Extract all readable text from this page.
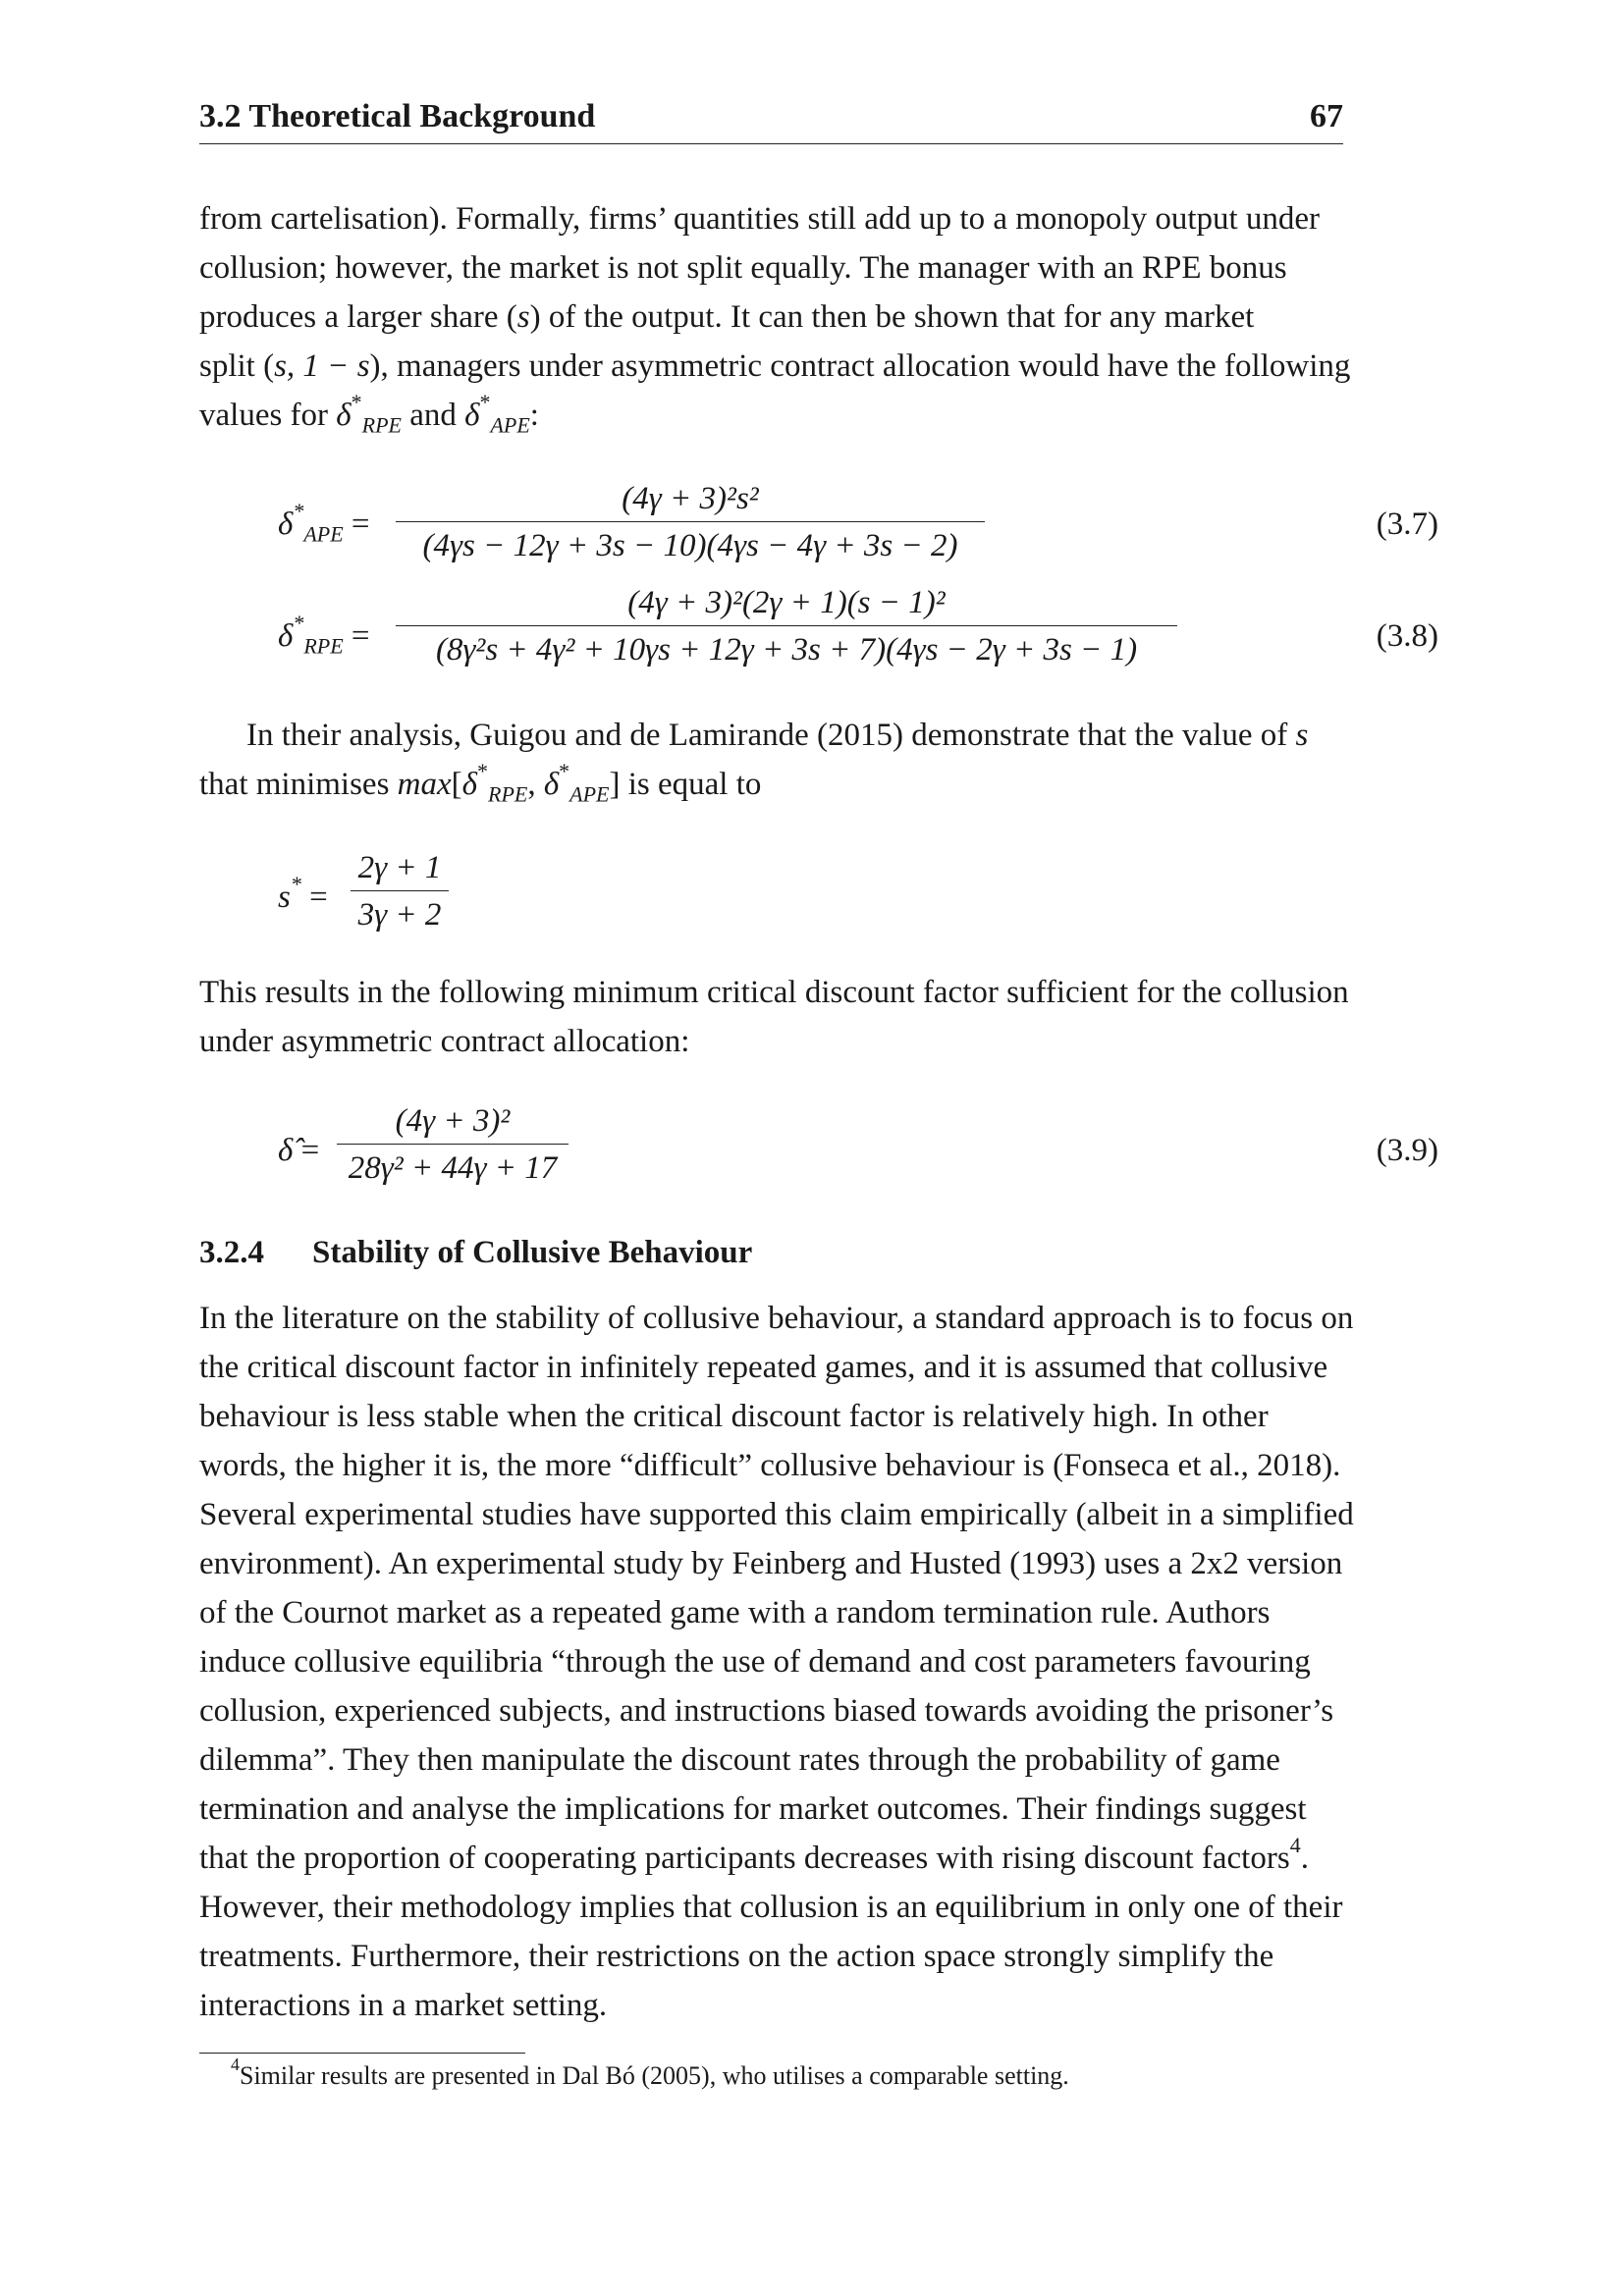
3.2 Theoretical Background	67

from cartelisation). Formally, firms’ quantities still add up to a monopoly output under

collusion; however, the market is not split equally. The manager with an RPE bonus

produces a larger share (s) of the output. It can then be shown that for any market

split (s, 1 − s), managers under asymmetric contract allocation would have the following

values for $\delta^*_{RPE}$ and $\delta^*_{APE}$:

$\delta^*_{APE} = \frac{\text{(4γ + 3)²s²}}{(4\gamma s - 12\gamma + 3s - 10)(4\gamma s - 4\gamma + 3s - 2)}$	(3.7)
$\delta^*_{RPE} = \frac{\text{(4γ + 3)²(2γ + 1)(s − 1)²}}{\text{(8γ²s + 4γ² + 10γs + 12γ + 3s + 7)(4γs − 2γ + 3s − 1)}}$	(3.8)

In their analysis, Guigou and de Lamirande (2015) demonstrate that the value of s

that minimises $\max[\delta^*_{RPE}$, $\delta^*_{APE}$] is equal to

$s^* = \frac{2\gamma + 1}{3\gamma + 2}$

This results in the following minimum critical discount factor sufficient for the collusion

under asymmetric contract allocation:

δ̂ = $\frac{\text{(4γ + 3)²}}{\text{28γ² + 44γ + 17}}$	(3.9)
3.2.4 Stability of Collusive Behaviour

In the literature on the stability of collusive behaviour, a standard approach is to focus on

the critical discount factor in infinitely repeated games, and it is assumed that collusive

behaviour is less stable when the critical discount factor is relatively high. In other

words, the higher it is, the more “difficult” collusive behaviour is (Fonseca et al., 2018).

Several experimental studies have supported this claim empirically (albeit in a simplified

environment). An experimental study by Feinberg and Husted (1993) uses a 2x2 version

of the Cournot market as a repeated game with a random termination rule. Authors

induce collusive equilibria “through the use of demand and cost parameters favouring

collusion, experienced subjects, and instructions biased towards avoiding the prisoner’s

dilemma”. They then manipulate the discount rates through the probability of game

termination and analyse the implications for market outcomes. Their findings suggest

that the proportion of cooperating participants decreases with rising discount factors$^4$.

However, their methodology implies that collusion is an equilibrium in only one of their

treatments. Furthermore, their restrictions on the action space strongly simplify the

interactions in a market setting.

$^4$Similar results are presented in Dal Bó (2005), who utilises a comparable setting.
